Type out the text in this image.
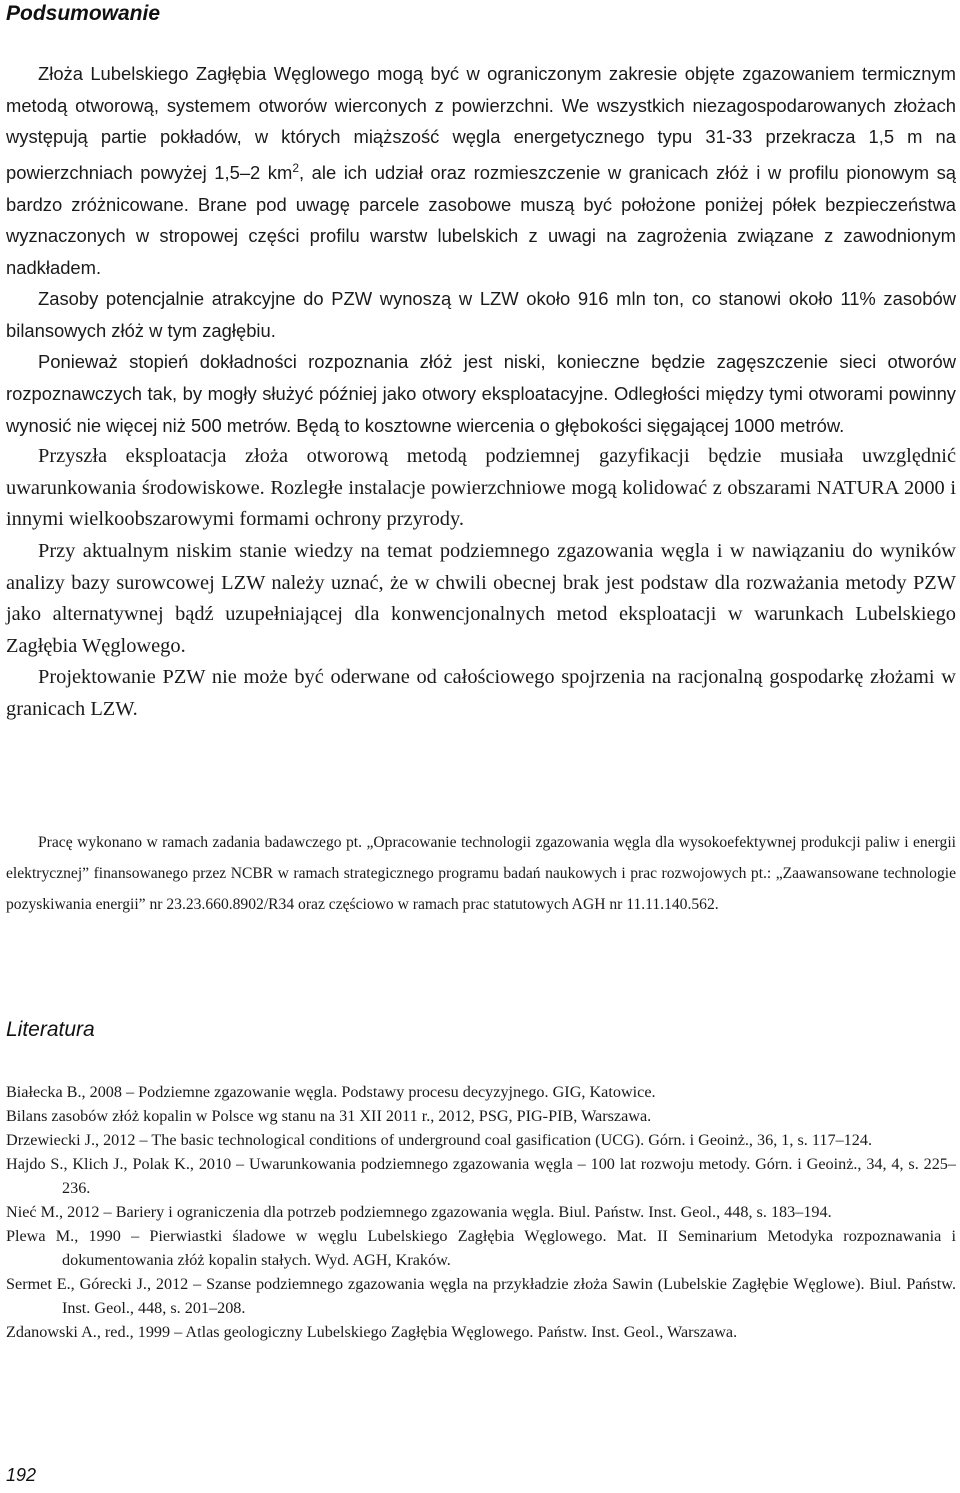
Podsumowanie

Złoża Lubelskiego Zagłębia Węglowego mogą być w ograniczonym zakresie objęte zgazowaniem termicznym metodą otworową, systemem otworów wierconych z powierzchni. We wszystkich niezagospodarowanych złożach występują partie pokładów, w których miąższość węgla energetycznego typu 31-33 przekracza 1,5 m na powierzchniach powyżej 1,5–2 $km^2$, ale ich udział oraz rozmieszczenie w granicach złóż i w profilu pionowym są bardzo zróżnicowane. Brane pod uwagę parcele zasobowe muszą być położone poniżej półek bezpieczeństwa wyznaczonych w stropowej części profilu warstw lubelskich z uwagi na zagrożenia związane z zawodnionym nadkładem.

Zasoby potencjalnie atrakcyjne do PZW wynoszą w LZW około 916 mln ton, co stanowi około 11% zasobów bilansowych złóż w tym zagłębiu.

Ponieważ stopień dokładności rozpoznania złóż jest niski, konieczne będzie zagęszczenie sieci otworów rozpoznawczych tak, by mogły służyć później jako otwory eksploatacyjne. Odległości między tymi otworami powinny wynosić nie więcej niż 500 metrów. Będą to kosztowne wiercenia o głębokości sięgającej 1000 metrów.

Przyszła eksploatacja złoża otworową metodą podziemnej gazyfikacji będzie musiała uwzględnić uwarunkowania środowiskowe. Rozległe instalacje powierzchniowe mogą kolidować z obszarami NATURA 2000 i innymi wielkoobszarowymi formami ochrony przyrody.

Przy aktualnym niskim stanie wiedzy na temat podziemnego zgazowania węgla i w nawiązaniu do wyników analizy bazy surowcowej LZW należy uznać, że w chwili obecnej brak jest podstaw dla rozważania metody PZW jako alternatywnej bądź uzupełniającej dla konwencjonalnych metod eksploatacji w warunkach Lubelskiego Zagłębia Węglowego.

Projektowanie PZW nie może być oderwane od całościowego spojrzenia na racjonalną gospodarkę złożami w granicach LZW.

Pracę wykonano w ramach zadania badawczego pt. „Opracowanie technologii zgazowania węgla dla wysokoefektywnej produkcji paliw i energii elektrycznej” finansowanego przez NCBR w ramach strategicznego programu badań naukowych i prac rozwojowych pt.: „Zaawansowane technologie pozyskiwania energii” nr 23.23.660.8902/R34 oraz częściowo w ramach prac statutowych AGH nr 11.11.140.562.

Literatura

Białecka B., 2008 – Podziemne zgazowanie węgla. Podstawy procesu decyzyjnego. GIG, Katowice.

Bilans zasobów złóż kopalin w Polsce wg stanu na 31 XII 2011 r., 2012, PSG, PIG-PIB, Warszawa.

Drzewiecki J., 2012 – The basic technological conditions of underground coal gasification (UCG). Górn. i Geoinż., 36, 1, s. 117–124.

Hajdo S., Klich J., Polak K., 2010 – Uwarunkowania podziemnego zgazowania węgla – 100 lat rozwoju metody. Górn. i Geoinż., 34, 4, s. 225–236.

Nieć M., 2012 – Bariery i ograniczenia dla potrzeb podziemnego zgazowania węgla. Biul. Państw. Inst. Geol., 448, s. 183–194.

Plewa M., 1990 – Pierwiastki śladowe w węglu Lubelskiego Zagłębia Węglowego. Mat. II Seminarium Metodyka rozpoznawania i dokumentowania złóż kopalin stałych. Wyd. AGH, Kraków.

Sermet E., Górecki J., 2012 – Szanse podziemnego zgazowania węgla na przykładzie złoża Sawin (Lubelskie Zagłębie Węglowe). Biul. Państw. Inst. Geol., 448, s. 201–208.

Zdanowski A., red., 1999 – Atlas geologiczny Lubelskiego Zagłębia Węglowego. Państw. Inst. Geol., Warszawa.

192
